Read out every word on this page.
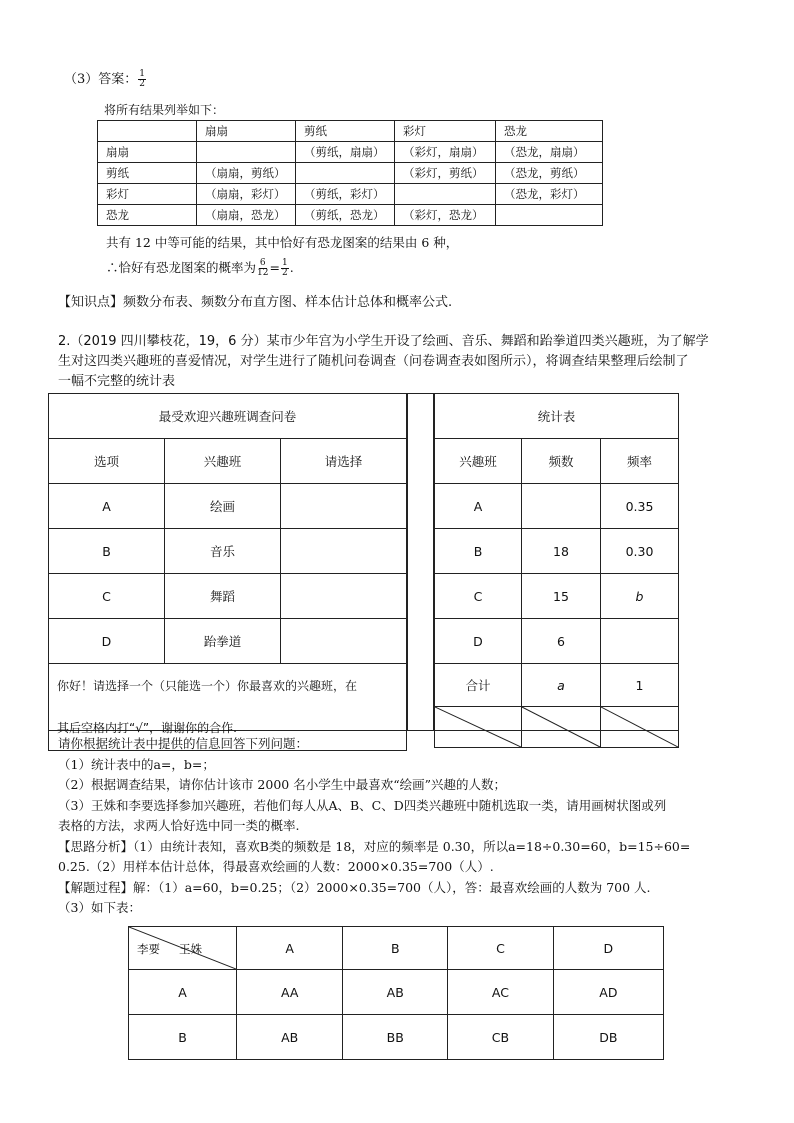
（3）答案： $\frac{1}{2}$
将所有结果列举如下：
	扇扇	剪纸	彩灯	恐龙
扇扇		（剪纸，扇扇）	（彩灯，扇扇）	（恐龙，扇扇）
剪纸	（扇扇，剪纸）		（彩灯，剪纸）	（恐龙，剪纸）
彩灯	（扇扇，彩灯）	（剪纸，彩灯）		（恐龙，彩灯）
恐龙	（扇扇，恐龙）	（剪纸，恐龙）	（彩灯，恐龙）	
共有 12 中等可能的结果，其中恰好有恐龙图案的结果由 6 种，
∴恰好有恐龙图案的概率为 $\frac{6}{12} = \frac{1}{2}$ .
【知识点】频数分布表、频数分布直方图、样本估计总体和概率公式.
2.（2019 四川攀枝花，19，6 分）某市少年宫为小学生开设了绘画、音乐、舞蹈和跆拳道四类兴趣班，为了解学
生对这四类兴趣班的喜爱情况，对学生进行了随机问卷调查（问卷调查表如图所示），将调查结果整理后绘制了
一幅不完整的统计表
最受欢迎兴趣班调查问卷		
选项	兴趣班	请选择
A	绘画	
B	音乐	
C	舞蹈	
D	跆拳道	

你好！请选择一个（只能选一个）你最喜欢的兴趣班，在
其后空格内打“√”，谢谢你的合作.		
统计表		
兴趣班	频数	频率
A		0.35
B	18	0.30
C	15	b
D	6	
合计	a	1

请你根据统计表中提供的信息回答下列问题：
（1）统计表中的a=，b=；
（2）根据调查结果，请你估计该市 2000 名小学生中最喜欢“绘画”兴趣的人数；
（3）王姝和李要选择参加兴趣班，若他们每人从A、B、C、D四类兴趣班中随机选取一类，请用画树状图或列
表格的方法，求两人恰好选中同一类的概率.
【思路分析】（1）由统计表知，喜欢B类的频数是 18，对应的频率是 0.30，所以a=18÷0.30=60，b=15÷60=
0.25.（2）用样本估计总体，得最喜欢绘画的人数：2000×0.35=700（人）.
【解题过程】解：（1）a=60，b=0.25；（2）2000×0.35=700（人），答：最喜欢绘画的人数为 700 人.
（3）如下表：
李要 王姝	A	B	C	D
A	AA	AB	AC	AD
B	AB	BB	CB	DB
